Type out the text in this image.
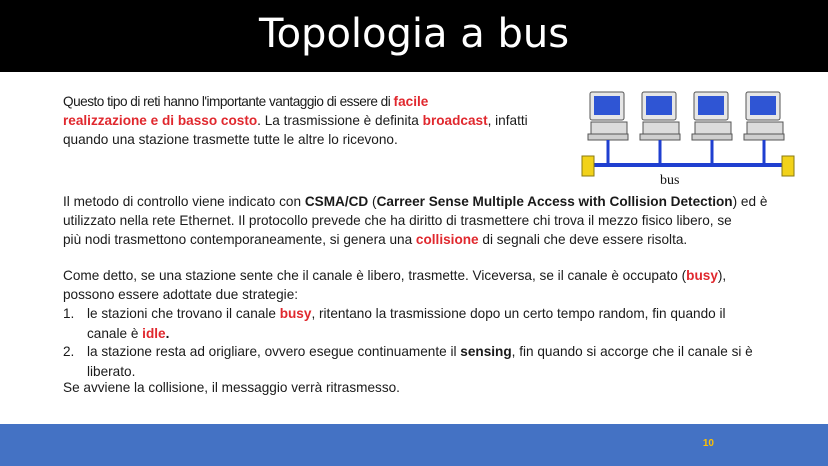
Topologia a bus

Questo tipo di reti hanno l'importante vantaggio di essere di facile

realizzazione e di basso costo. La trasmissione è definita broadcast, infatti

quando una stazione trasmette tutte le altre lo ricevono.

bus

Il metodo di controllo viene indicato con CSMA/CD (Carreer Sense Multiple Access with Collision Detection) ed è

utilizzato nella rete Ethernet. Il protocollo prevede che ha diritto di trasmettere chi trova il mezzo fisico libero, se

più nodi trasmettono contemporaneamente, si genera una collisione di segnali che deve essere risolta.

Come detto, se una stazione sente che il canale è libero, trasmette. Viceversa, se il canale è occupato (busy),

possono essere adottate due strategie:

1. le stazioni che trovano il canale busy, ritentano la trasmissione dopo un certo tempo random, fin quando il
canale è idle.
2. la stazione resta ad origliare, ovvero esegue continuamente il sensing, fin quando si accorge che il canale si è
liberato.

Se avviene la collisione, il messaggio verrà ritrasmesso.

10
